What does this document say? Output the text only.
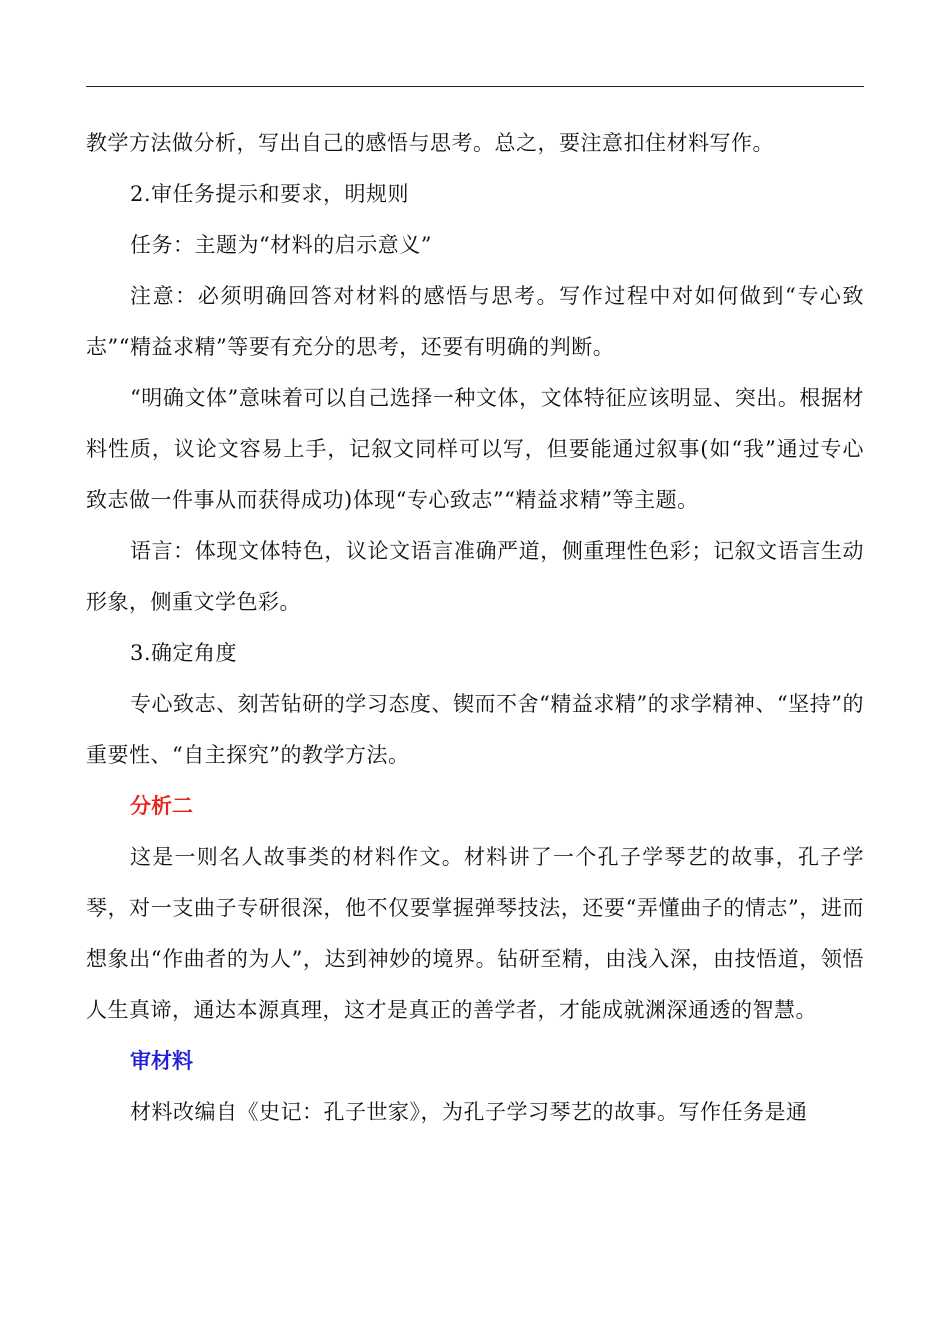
教学方法做分析，写出自己的感悟与思考。总之，要注意扣住材料写作。

2.审任务提示和要求，明规则

任务：主题为“材料的启示意义”

注意：必须明确回答对材料的感悟与思考。写作过程中对如何做到“专心致志”“精益求精”等要有充分的思考，还要有明确的判断。

“明确文体”意味着可以自己选择一种文体，文体特征应该明显、突出。根据材料性质，议论文容易上手，记叙文同样可以写，但要能通过叙事(如“我”通过专心致志做一件事从而获得成功)体现“专心致志”“精益求精”等主题。

语言：体现文体特色，议论文语言准确严道，侧重理性色彩；记叙文语言生动形象，侧重文学色彩。

3.确定角度

专心致志、刻苦钻研的学习态度、锲而不舍“精益求精”的求学精神、“坚持”的重要性、“自主探究”的教学方法。

分析二

这是一则名人故事类的材料作文。材料讲了一个孔子学琴艺的故事，孔子学琴，对一支曲子专研很深，他不仅要掌握弹琴技法，还要“弄懂曲子的情志”，进而想象出“作曲者的为人”，达到神妙的境界。钻研至精，由浅入深，由技悟道，领悟人生真谛，通达本源真理，这才是真正的善学者，才能成就渊深通透的智慧。

审材料

材料改编自《史记：孔子世家》，为孔子学习琴艺的故事。写作任务是通
